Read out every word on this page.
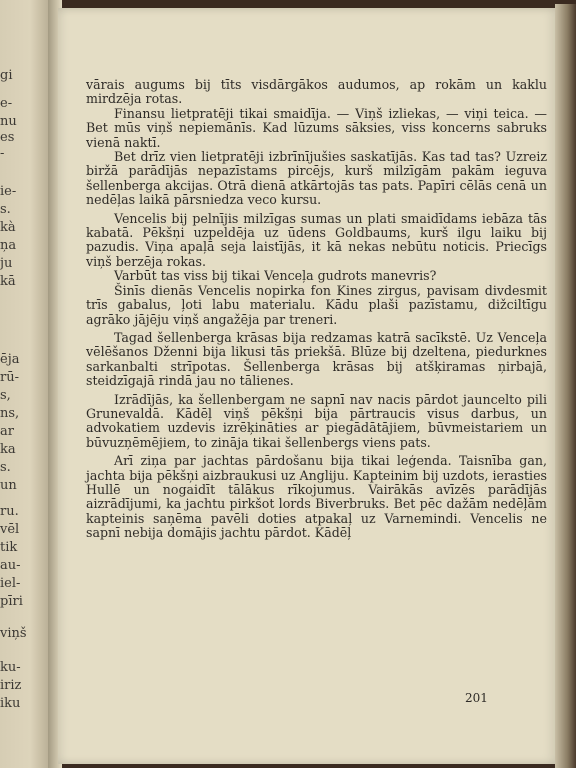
gi
e-
nu
es
-
ie-
s.
kà
ņa
ju
kā
ēja
rū-
s,
ns,
ar
ka
s.
un
ru.
vēl
tik
au-
iel-
pīri
viņš
ku-
iriz
iku

vārais augums bij tīts visdārgākos audumos, ap rokām un kaklu mirdzēja rotas.

Finansu lietpratēji tikai smaidīja. — Viņš izliekas, — viņi teica. — Bet mūs viņš nepiemānīs. Kad lūzums sāksies, viss koncerns sabruks vienā naktī.

Bet drīz vien lietpratēji izbrīnījušies saskatījās. Kas tad tas? Uzreiz biržā parādījās nepazīstams pircējs, kurš milzīgām pakām ieguva šellenberga akcijas. Otrā dienā atkārtojās tas pats. Papīri cēlās cenā un nedēļas laikā pārsniedza veco kursu.

Vencelis bij pelnījis milzīgas sumas un plati smaidīdams iebāza tās kabatā. Pēkšņi uzpeldēja uz ūdens Goldbaums, kurš ilgu laiku bij pazudis. Viņa apaļā seja laistījās, it kā nekas nebūtu noticis. Priecīgs viņš berzēja rokas.

Varbūt tas viss bij tikai Venceļa gudrots manevris?

Šinīs dienās Vencelis nopirka fon Kines zirgus, pavisam divdesmit trīs gabalus, ļoti labu materialu. Kādu plaši pazīstamu, dižciltīgu agrāko jājēju viņš angažēja par treneri.

Tagad šellenberga krāsas bija redzamas katrā sacīkstē. Uz Venceļa vēlēšanos Dženni bija likusi tās priekšā. Blūze bij dzeltena, piedurknes sarkanbalti strīpotas. Šellenberga krāsas bij atšķiramas ņirbajā, steidzīgajā rindā jau no tālienes.

Izrādījās, ka šellenbergam ne sapnī nav nacis pārdot jauncelto pili Grunevaldā. Kādēļ viņš pēkšņi bija pārtraucis visus darbus, un advokatiem uzdevis izrēķināties ar piegādātājiem, būvmeistariem un būvuzņēmējiem, to zināja tikai šellenbergs viens pats.

Arī ziņa par jachtas pārdošanu bija tikai leģenda. Taisnība gan, jachta bija pēkšņi aizbraukusi uz Angliju. Kapteinim bij uzdots, ierasties Hullē un nogaidīt tālākus rīkojumus. Vairākās avīzēs parādījās aizrādījumi, ka jachtu pirkšot lords Biverbruks. Bet pēc dažām nedēļām kapteinis saņēma pavēli doties atpakaļ uz Varnemindi. Vencelis ne sapnī nebija domājis jachtu pārdot. Kādēļ

201
